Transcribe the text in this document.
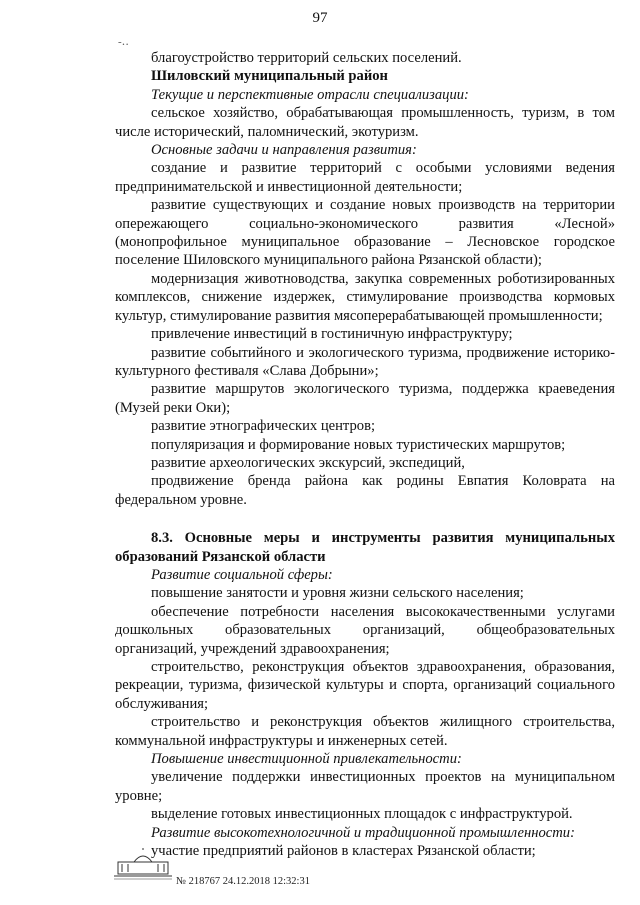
97
-‥

благоустройство территорий сельских поселений.

Шиловский муниципальный район

Текущие и перспективные отрасли специализации:

сельское хозяйство, обрабатывающая промышленность, туризм, в том числе исторический, паломнический, экотуризм.

Основные задачи и направления развития:

создание и развитие территорий с особыми условиями ведения предпринимательской и инвестиционной деятельности;

развитие существующих и создание новых производств на территории опережающего социально-экономического развития «Лесной» (монопрофильное муниципальное образование – Лесновское городское поселение Шиловского муниципального района Рязанской области);

модернизация животноводства, закупка современных роботизированных комплексов, снижение издержек, стимулирование производства кормовых культур, стимулирование развития мясоперерабатывающей промышленности;

привлечение инвестиций в гостиничную инфраструктуру;

развитие событийного и экологического туризма, продвижение историко-культурного фестиваля «Слава Добрыни»;

развитие маршрутов экологического туризма, поддержка краеведения (Музей реки Оки);

развитие этнографических центров;

популяризация и формирование новых туристических маршрутов;

развитие археологических экскурсий, экспедиций,

продвижение бренда района как родины Евпатия Коловрата на федеральном уровне.

8.3. Основные меры и инструменты развития муниципальных образований Рязанской области

Развитие социальной сферы:

повышение занятости и уровня жизни сельского населения;

обеспечение потребности населения высококачественными услугами дошкольных образовательных организаций, общеобразовательных организаций, учреждений здравоохранения;

строительство, реконструкция объектов здравоохранения, образования, рекреации, туризма, физической культуры и спорта, организаций социального обслуживания;

строительство и реконструкция объектов жилищного строительства, коммунальной инфраструктуры и инженерных сетей.

Повышение инвестиционной привлекательности:

увеличение поддержки инвестиционных проектов на муниципальном уровне;

выделение готовых инвестиционных площадок с инфраструктурой.

Развитие высокотехнологичной и традиционной промышленности:

участие предприятий районов в кластерах Рязанской области;

№ 218767 24.12.2018 12:32:31
